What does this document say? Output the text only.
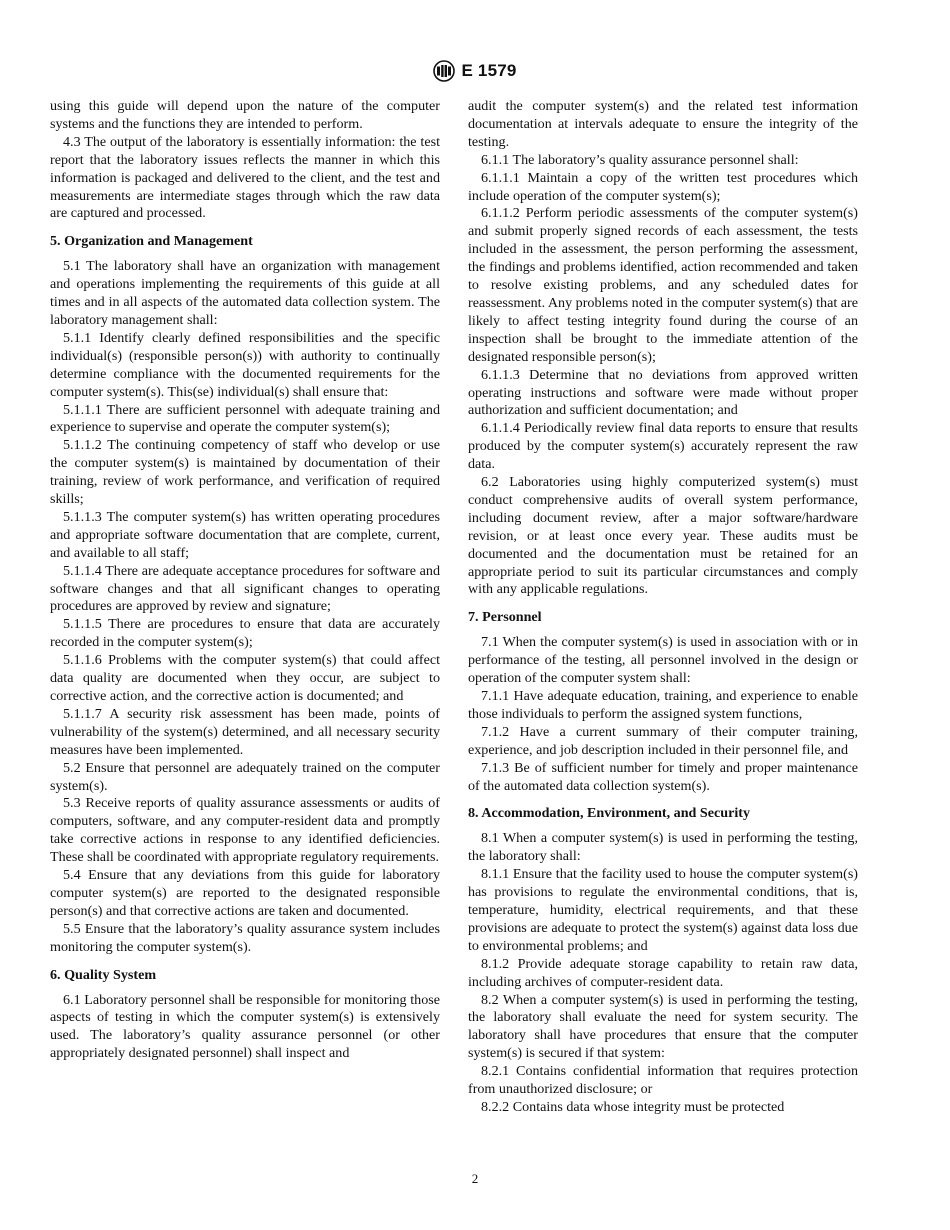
E 1579

using this guide will depend upon the nature of the computer systems and the functions they are intended to perform.

4.3 The output of the laboratory is essentially information: the test report that the laboratory issues reflects the manner in which this information is packaged and delivered to the client, and the test and measurements are intermediate stages through which the raw data are captured and processed.

5. Organization and Management

5.1 The laboratory shall have an organization with management and operations implementing the requirements of this guide at all times and in all aspects of the automated data collection system. The laboratory management shall:

5.1.1 Identify clearly defined responsibilities and the specific individual(s) (responsible person(s)) with authority to continually determine compliance with the documented requirements for the computer system(s). This(se) individual(s) shall ensure that:

5.1.1.1 There are sufficient personnel with adequate training and experience to supervise and operate the computer system(s);

5.1.1.2 The continuing competency of staff who develop or use the computer system(s) is maintained by documentation of their training, review of work performance, and verification of required skills;

5.1.1.3 The computer system(s) has written operating procedures and appropriate software documentation that are complete, current, and available to all staff;

5.1.1.4 There are adequate acceptance procedures for software and software changes and that all significant changes to operating procedures are approved by review and signature;

5.1.1.5 There are procedures to ensure that data are accurately recorded in the computer system(s);

5.1.1.6 Problems with the computer system(s) that could affect data quality are documented when they occur, are subject to corrective action, and the corrective action is documented; and

5.1.1.7 A security risk assessment has been made, points of vulnerability of the system(s) determined, and all necessary security measures have been implemented.

5.2 Ensure that personnel are adequately trained on the computer system(s).

5.3 Receive reports of quality assurance assessments or audits of computers, software, and any computer-resident data and promptly take corrective actions in response to any identified deficiencies. These shall be coordinated with appropriate regulatory requirements.

5.4 Ensure that any deviations from this guide for laboratory computer system(s) are reported to the designated responsible person(s) and that corrective actions are taken and documented.

5.5 Ensure that the laboratory’s quality assurance system includes monitoring the computer system(s).

6. Quality System

6.1 Laboratory personnel shall be responsible for monitoring those aspects of testing in which the computer system(s) is extensively used. The laboratory’s quality assurance personnel (or other appropriately designated personnel) shall inspect and

audit the computer system(s) and the related test information documentation at intervals adequate to ensure the integrity of the testing.

6.1.1 The laboratory’s quality assurance personnel shall:

6.1.1.1 Maintain a copy of the written test procedures which include operation of the computer system(s);

6.1.1.2 Perform periodic assessments of the computer system(s) and submit properly signed records of each assessment, the tests included in the assessment, the person performing the assessment, the findings and problems identified, action recommended and taken to resolve existing problems, and any scheduled dates for reassessment. Any problems noted in the computer system(s) that are likely to affect testing integrity found during the course of an inspection shall be brought to the immediate attention of the designated responsible person(s);

6.1.1.3 Determine that no deviations from approved written operating instructions and software were made without proper authorization and sufficient documentation; and

6.1.1.4 Periodically review final data reports to ensure that results produced by the computer system(s) accurately represent the raw data.

6.2 Laboratories using highly computerized system(s) must conduct comprehensive audits of overall system performance, including document review, after a major software/hardware revision, or at least once every year. These audits must be documented and the documentation must be retained for an appropriate period to suit its particular circumstances and comply with any applicable regulations.

7. Personnel

7.1 When the computer system(s) is used in association with or in performance of the testing, all personnel involved in the design or operation of the computer system shall:

7.1.1 Have adequate education, training, and experience to enable those individuals to perform the assigned system functions,

7.1.2 Have a current summary of their computer training, experience, and job description included in their personnel file, and

7.1.3 Be of sufficient number for timely and proper maintenance of the automated data collection system(s).

8. Accommodation, Environment, and Security

8.1 When a computer system(s) is used in performing the testing, the laboratory shall:

8.1.1 Ensure that the facility used to house the computer system(s) has provisions to regulate the environmental conditions, that is, temperature, humidity, electrical requirements, and that these provisions are adequate to protect the system(s) against data loss due to environmental problems; and

8.1.2 Provide adequate storage capability to retain raw data, including archives of computer-resident data.

8.2 When a computer system(s) is used in performing the testing, the laboratory shall evaluate the need for system security. The laboratory shall have procedures that ensure that the computer system(s) is secured if that system:

8.2.1 Contains confidential information that requires protection from unauthorized disclosure; or

8.2.2 Contains data whose integrity must be protected

2
